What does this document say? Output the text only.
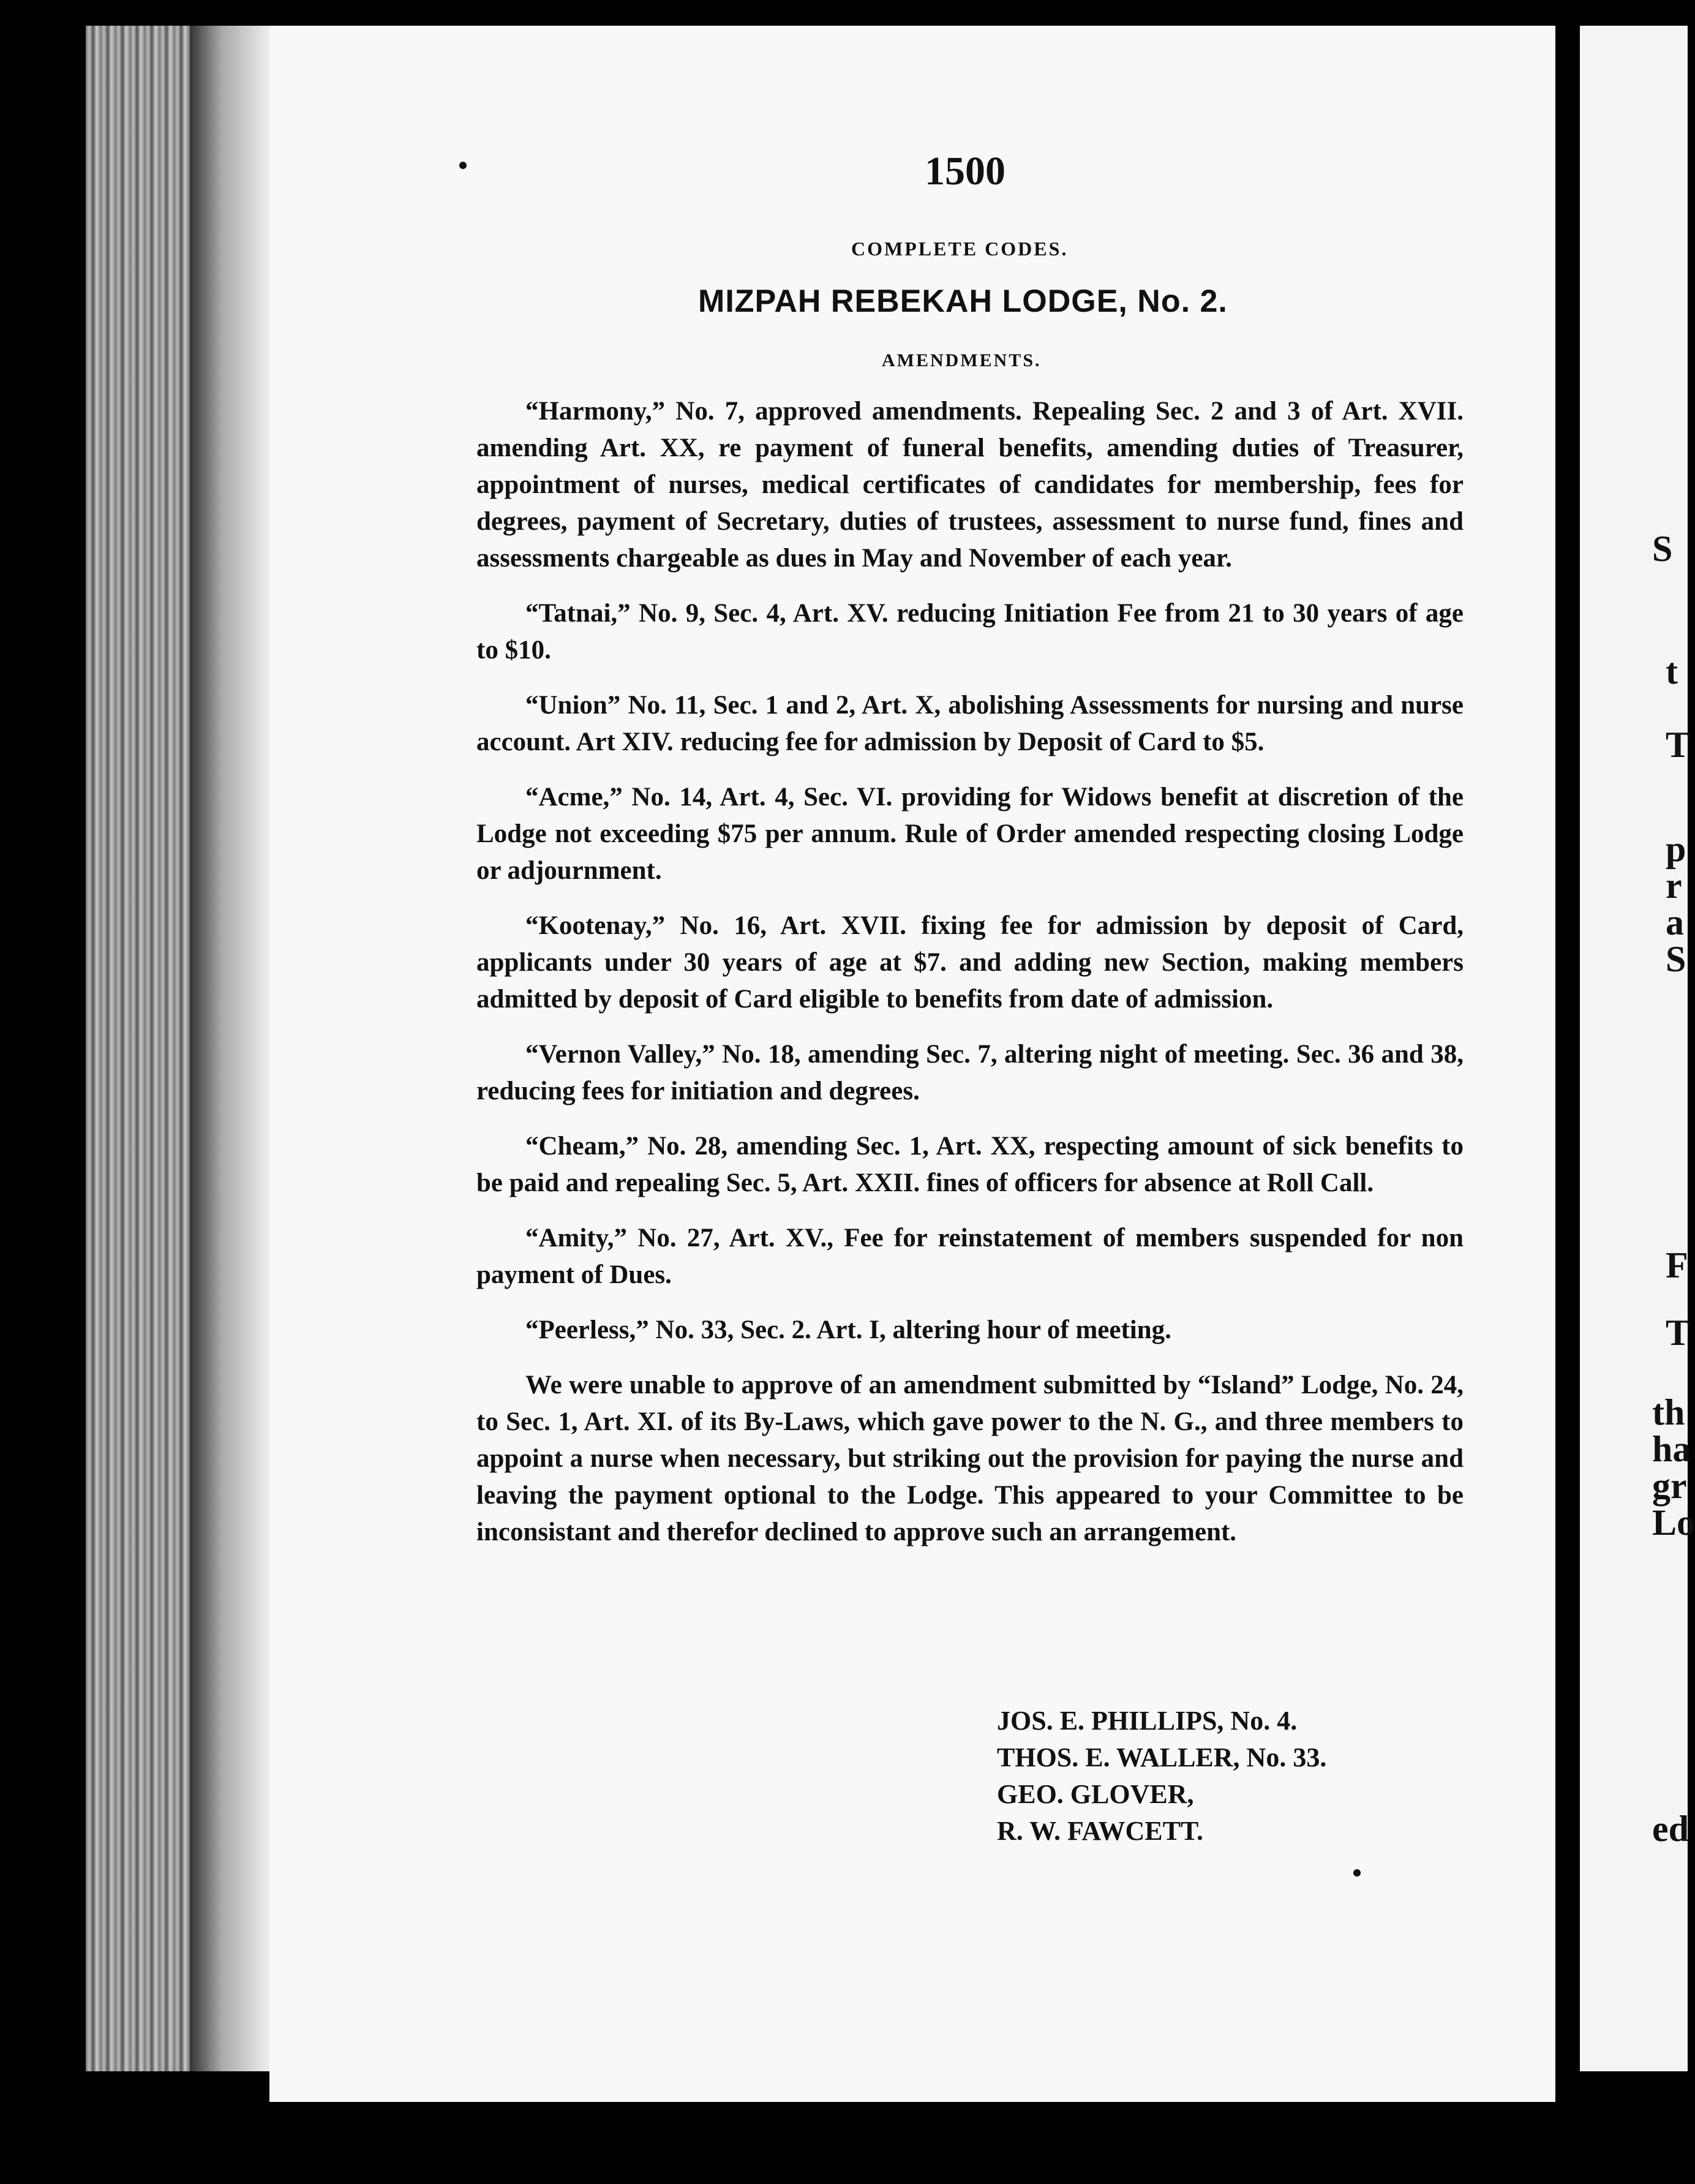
1500
COMPLETE CODES.
MIZPAH REBEKAH LODGE, No. 2.
AMENDMENTS.

“Harmony,” No. 7, approved amendments. Repealing Sec. 2 and 3 of Art. XVII. amending Art. XX, re payment of funeral benefits, amending duties of Treasurer, appointment of nurses, medical certificates of candidates for membership, fees for degrees, payment of Secretary, duties of trustees, assessment to nurse fund, fines and assessments chargeable as dues in May and November of each year.

“Tatnai,” No. 9, Sec. 4, Art. XV. reducing Initiation Fee from 21 to 30 years of age to $10.

“Union” No. 11, Sec. 1 and 2, Art. X, abolishing Assessments for nursing and nurse account. Art XIV. reducing fee for admission by Deposit of Card to $5.

“Acme,” No. 14, Art. 4, Sec. VI. providing for Widows benefit at discretion of the Lodge not exceeding $75 per annum. Rule of Order amended respecting closing Lodge or adjournment.

“Kootenay,” No. 16, Art. XVII. fixing fee for admission by deposit of Card, applicants under 30 years of age at $7. and adding new Section, making members admitted by deposit of Card eligible to benefits from date of admission.

“Vernon Valley,” No. 18, amending Sec. 7, altering night of meeting. Sec. 36 and 38, reducing fees for initiation and degrees.

“Cheam,” No. 28, amending Sec. 1, Art. XX, respecting amount of sick benefits to be paid and repealing Sec. 5, Art. XXII. fines of officers for absence at Roll Call.

“Amity,” No. 27, Art. XV., Fee for reinstatement of members suspended for non payment of Dues.

“Peerless,” No. 33, Sec. 2. Art. I, altering hour of meeting.

We were unable to approve of an amendment submitted by “Island” Lodge, No. 24, to Sec. 1, Art. XI. of its By-Laws, which gave power to the N. G., and three members to appoint a nurse when necessary, but striking out the provision for paying the nurse and leaving the payment optional to the Lodge. This appeared to your Committee to be inconsistant and therefor declined to approve such an arrangement.

JOS. E. PHILLIPS, No. 4.
THOS. E. WALLER, No. 33.
GEO. GLOVER,
R. W. FAWCETT.
S
t
T
p
r
a
S
F
T
th
ha
gr
Lo
ed
